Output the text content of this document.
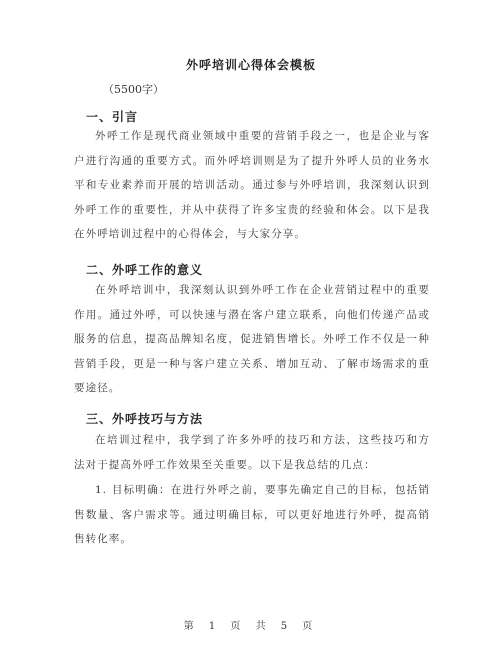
外呼培训心得体会模板
（5500字）
一、引言
外呼工作是现代商业领域中重要的营销手段之一，也是企业与客户进行沟通的重要方式。而外呼培训则是为了提升外呼人员的业务水平和专业素养而开展的培训活动。通过参与外呼培训，我深刻认识到外呼工作的重要性，并从中获得了许多宝贵的经验和体会。以下是我在外呼培训过程中的心得体会，与大家分享。
二、外呼工作的意义
在外呼培训中，我深刻认识到外呼工作在企业营销过程中的重要作用。通过外呼，可以快速与潜在客户建立联系，向他们传递产品或服务的信息，提高品牌知名度，促进销售增长。外呼工作不仅是一种营销手段，更是一种与客户建立关系、增加互动、了解市场需求的重要途径。
三、外呼技巧与方法
在培训过程中，我学到了许多外呼的技巧和方法，这些技巧和方法对于提高外呼工作效果至关重要。以下是我总结的几点：
1. 目标明确：在进行外呼之前，要事先确定自己的目标，包括销售数量、客户需求等。通过明确目标，可以更好地进行外呼，提高销售转化率。
第 1 页 共 5 页
